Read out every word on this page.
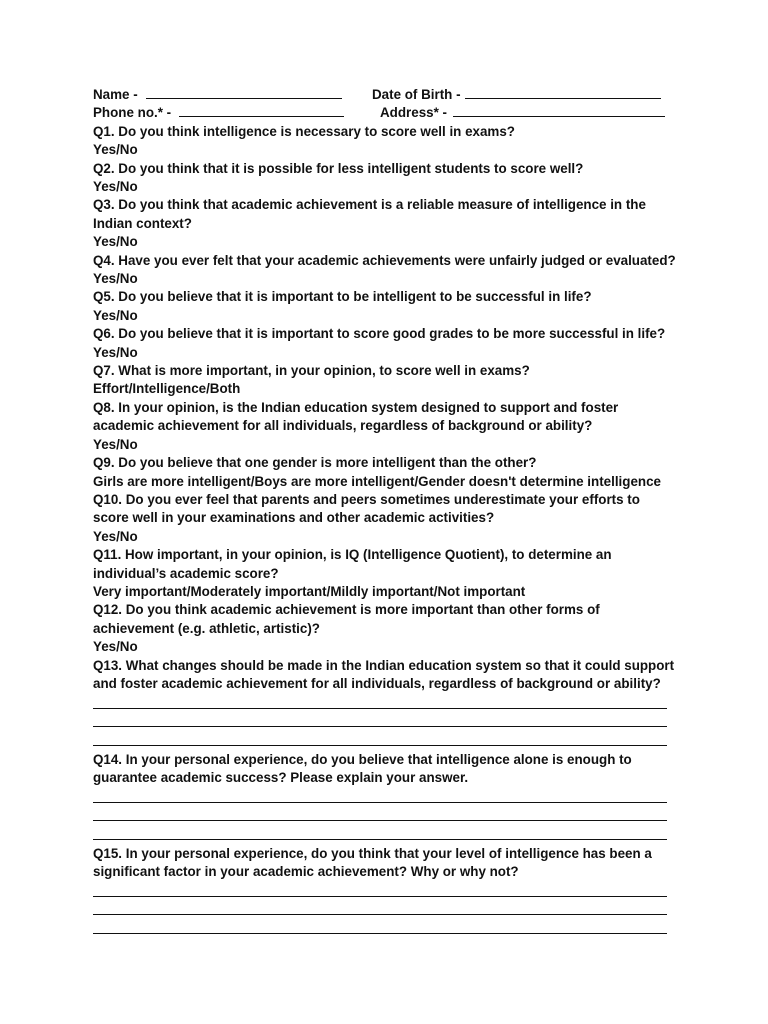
Name -	Date of Birth -
Phone no.* -	Address* -
Q1. Do you think intelligence is necessary to score well in exams?
Yes/No
Q2. Do you think that it is possible for less intelligent students to score well?
Yes/No
Q3. Do you think that academic achievement is a reliable measure of intelligence in the
Indian context?
Yes/No
Q4. Have you ever felt that your academic achievements were unfairly judged or evaluated?
Yes/No
Q5. Do you believe that it is important to be intelligent to be successful in life?
Yes/No
Q6. Do you believe that it is important to score good grades to be more successful in life?
Yes/No
Q7. What is more important, in your opinion, to score well in exams?
Effort/Intelligence/Both
Q8. In your opinion, is the Indian education system designed to support and foster
academic achievement for all individuals, regardless of background or ability?
Yes/No
Q9. Do you believe that one gender is more intelligent than the other?
Girls are more intelligent/Boys are more intelligent/Gender doesn't determine intelligence
Q10. Do you ever feel that parents and peers sometimes underestimate your efforts to
score well in your examinations and other academic activities?
Yes/No
Q11. How important, in your opinion, is IQ (Intelligence Quotient), to determine an
individual’s academic score?
Very important/Moderately important/Mildly important/Not important
Q12. Do you think academic achievement is more important than other forms of
achievement (e.g. athletic, artistic)?
Yes/No
Q13. What changes should be made in the Indian education system so that it could support
and foster academic achievement for all individuals, regardless of background or ability?
Q14. In your personal experience, do you believe that intelligence alone is enough to
guarantee academic success? Please explain your answer.
Q15. In your personal experience, do you think that your level of intelligence has been a
significant factor in your academic achievement? Why or why not?
